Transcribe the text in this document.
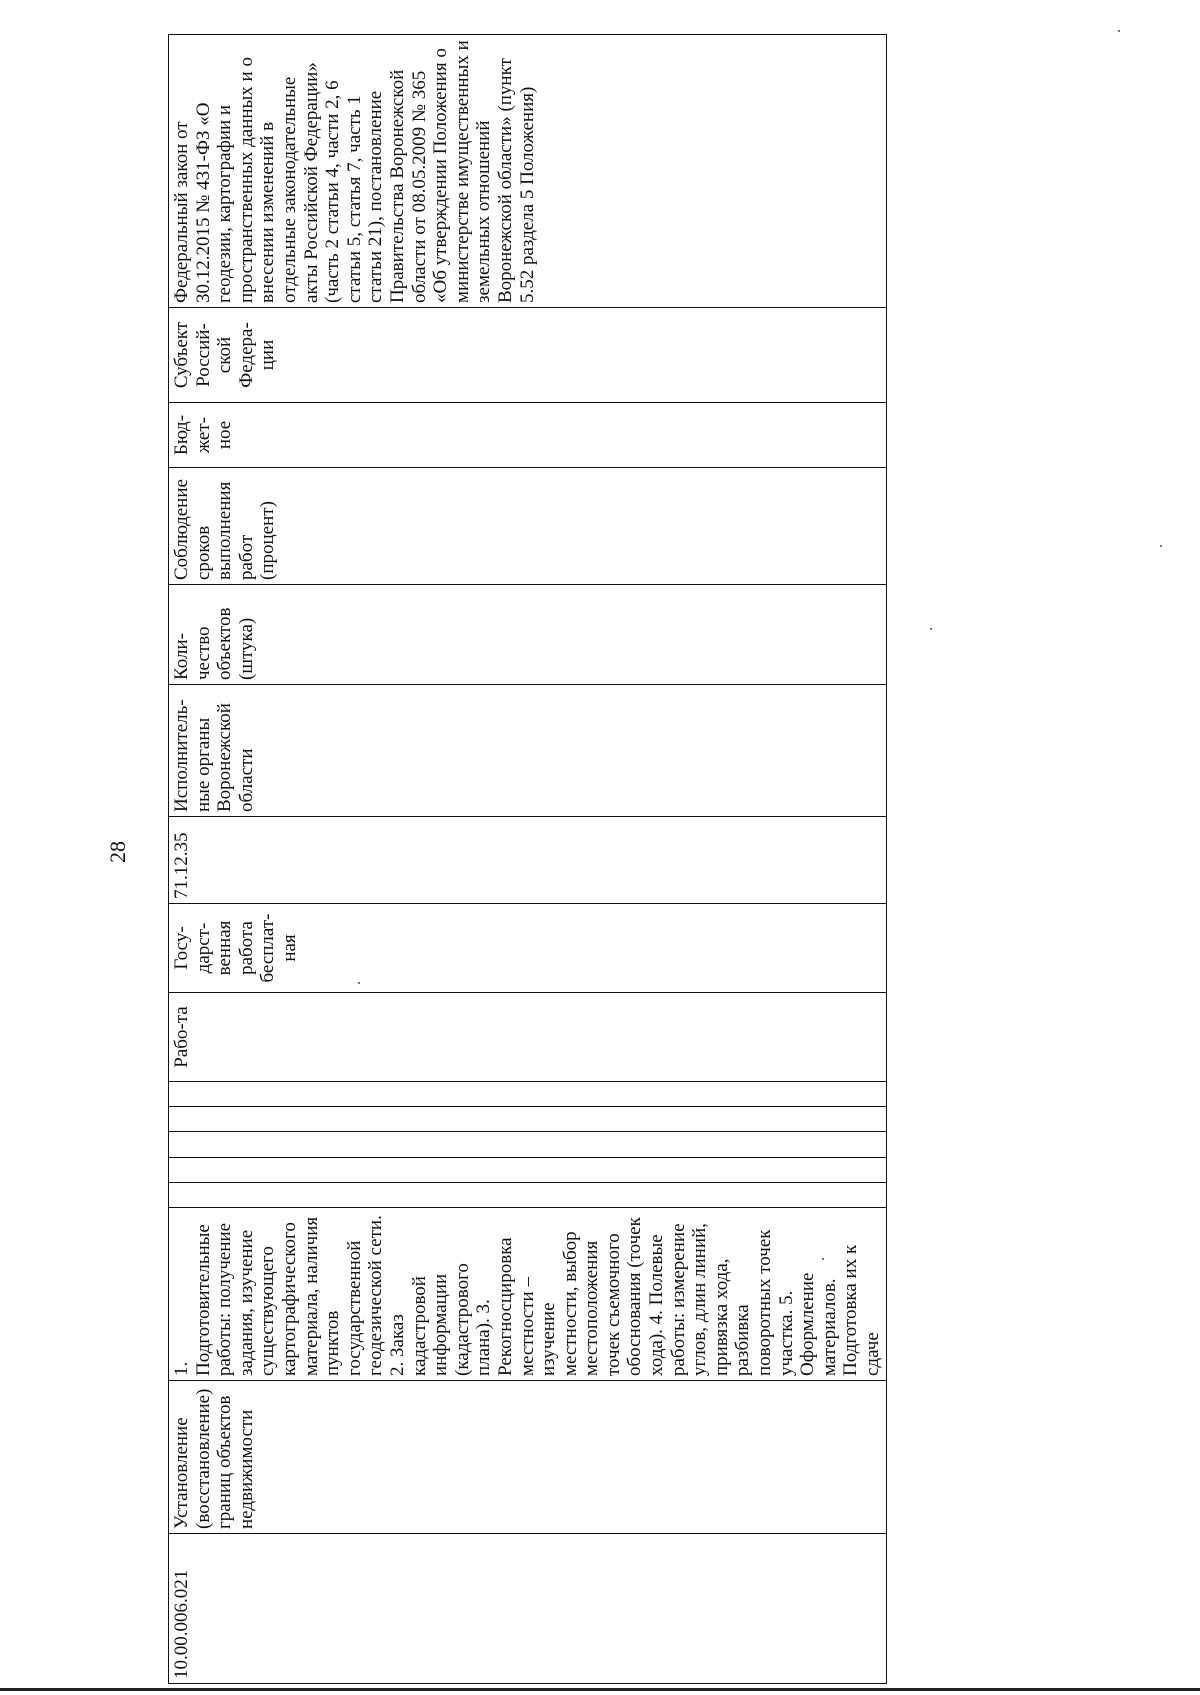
28
10.00.006.021	Установление (восстановление) границ объектов недвижимости	1. Подготовительные работы: получение задания, изучение существующего картографического материала, наличия пунктов государственной геодезической сети. 2. Заказ кадастровой информации (кадастрового плана). 3. Рекогносцировка местности – изучение местности, выбор местоположения точек съемочного обоснования (точек хода). 4. Полевые работы: измерение углов, длин линий, привязка хода, разбивка поворотных точек участка. 5. Оформление материалов. Подготовка их к сдаче						Рабо-та	Госу-дарст-венная работа бесплат-ная	71.12.35	Исполнитель-ные органы Воронежской области	Коли-чество объектов (штука)	Соблюдение сроков выполнения работ (процент)	Бюд-жет-ное	Субъект Россий-ской Федера-ции	Федеральный закон от 30.12.2015 № 431-ФЗ «О геодезии, картографии и пространственных данных и о внесении изменений в отдельные законодательные акты Российской Федерации» (часть 2 статьи 4, части 2, 6 статьи 5, статья 7, часть 1 статьи 21), постановление Правительства Воронежской области от 08.05.2009 № 365 «Об утверждении Положения о министерстве имущественных и земельных отношений Воронежской области» (пункт 5.52 раздела 5 Положения)
